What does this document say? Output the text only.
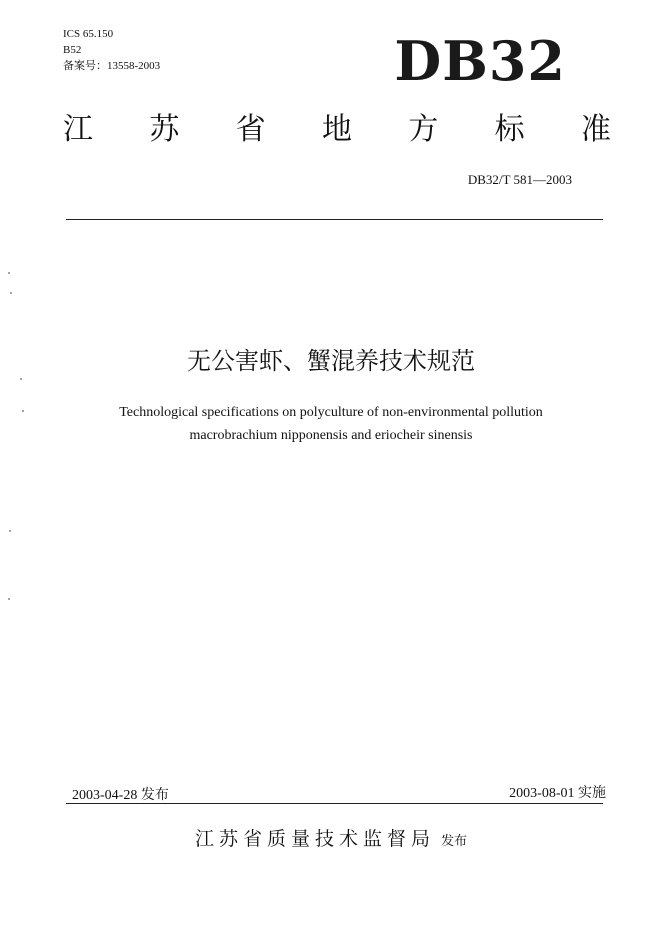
ICS 65.150
B52
备案号：13558-2003	DB32
江 苏 省 地 方 标 准
DB32/T 581—2003
无公害虾、蟹混养技术规范
Technological specifications on polyculture of non-environmental pollution
macrobrachium nipponensis and eriocheir sinensis
2003-04-28 发布	2003-08-01 实施
江苏省质量技术监督局 发布
